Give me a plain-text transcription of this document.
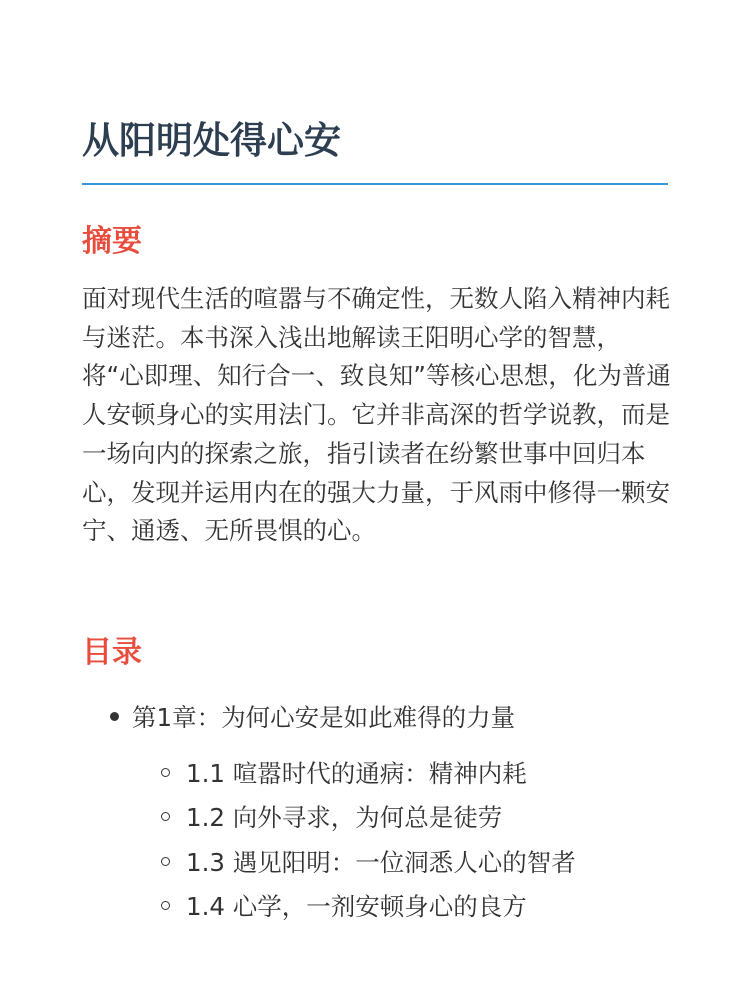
从阳明处得心安
摘要

面对现代生活的喧嚣与不确定性，无数人陷入精神内耗与迷茫。本书深入浅出地解读王阳明心学的智慧，将“心即理、知行合一、致良知”等核心思想，化为普通人安顿身心的实用法门。它并非高深的哲学说教，而是一场向内的探索之旅，指引读者在纷繁世事中回归本心，发现并运用内在的强大力量，于风雨中修得一颗安宁、通透、无所畏惧的心。

目录
第1章：为何心安是如此难得的力量
1.1 喧嚣时代的通病：精神内耗
1.2 向外寻求，为何总是徒劳
1.3 遇见阳明：一位洞悉人心的智者
1.4 心学，一剂安顿身心的良方
